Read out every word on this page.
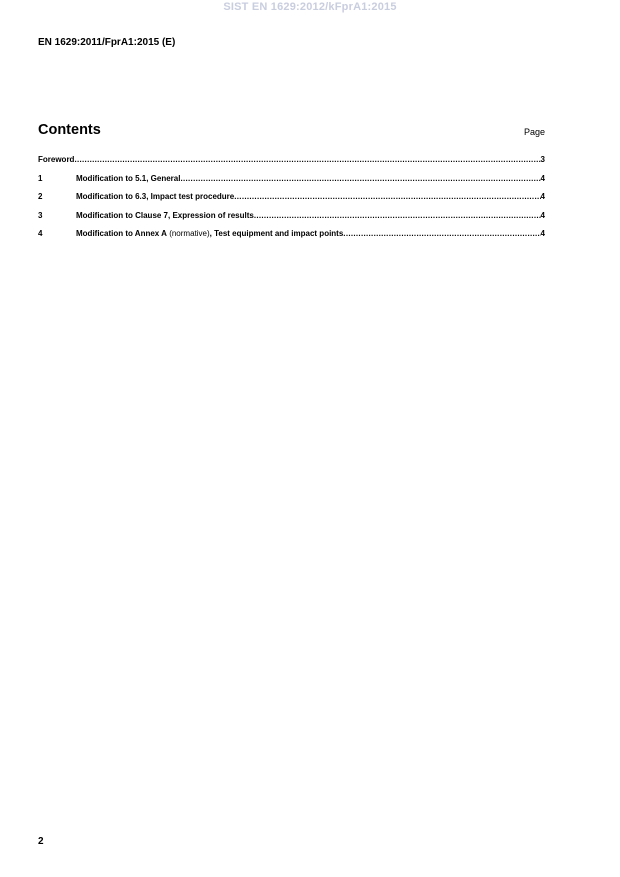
SIST EN 1629:2012/kFprA1:2015
EN 1629:2011/FprA1:2015 (E)
Contents	Page
Foreword .....	3
1	Modification to 5.1, General .....	4
2	Modification to 6.3, Impact test procedure .....	4
3	Modification to Clause 7, Expression of results .....	4
4	Modification to Annex A (normative), Test equipment and impact points .....	4
2
